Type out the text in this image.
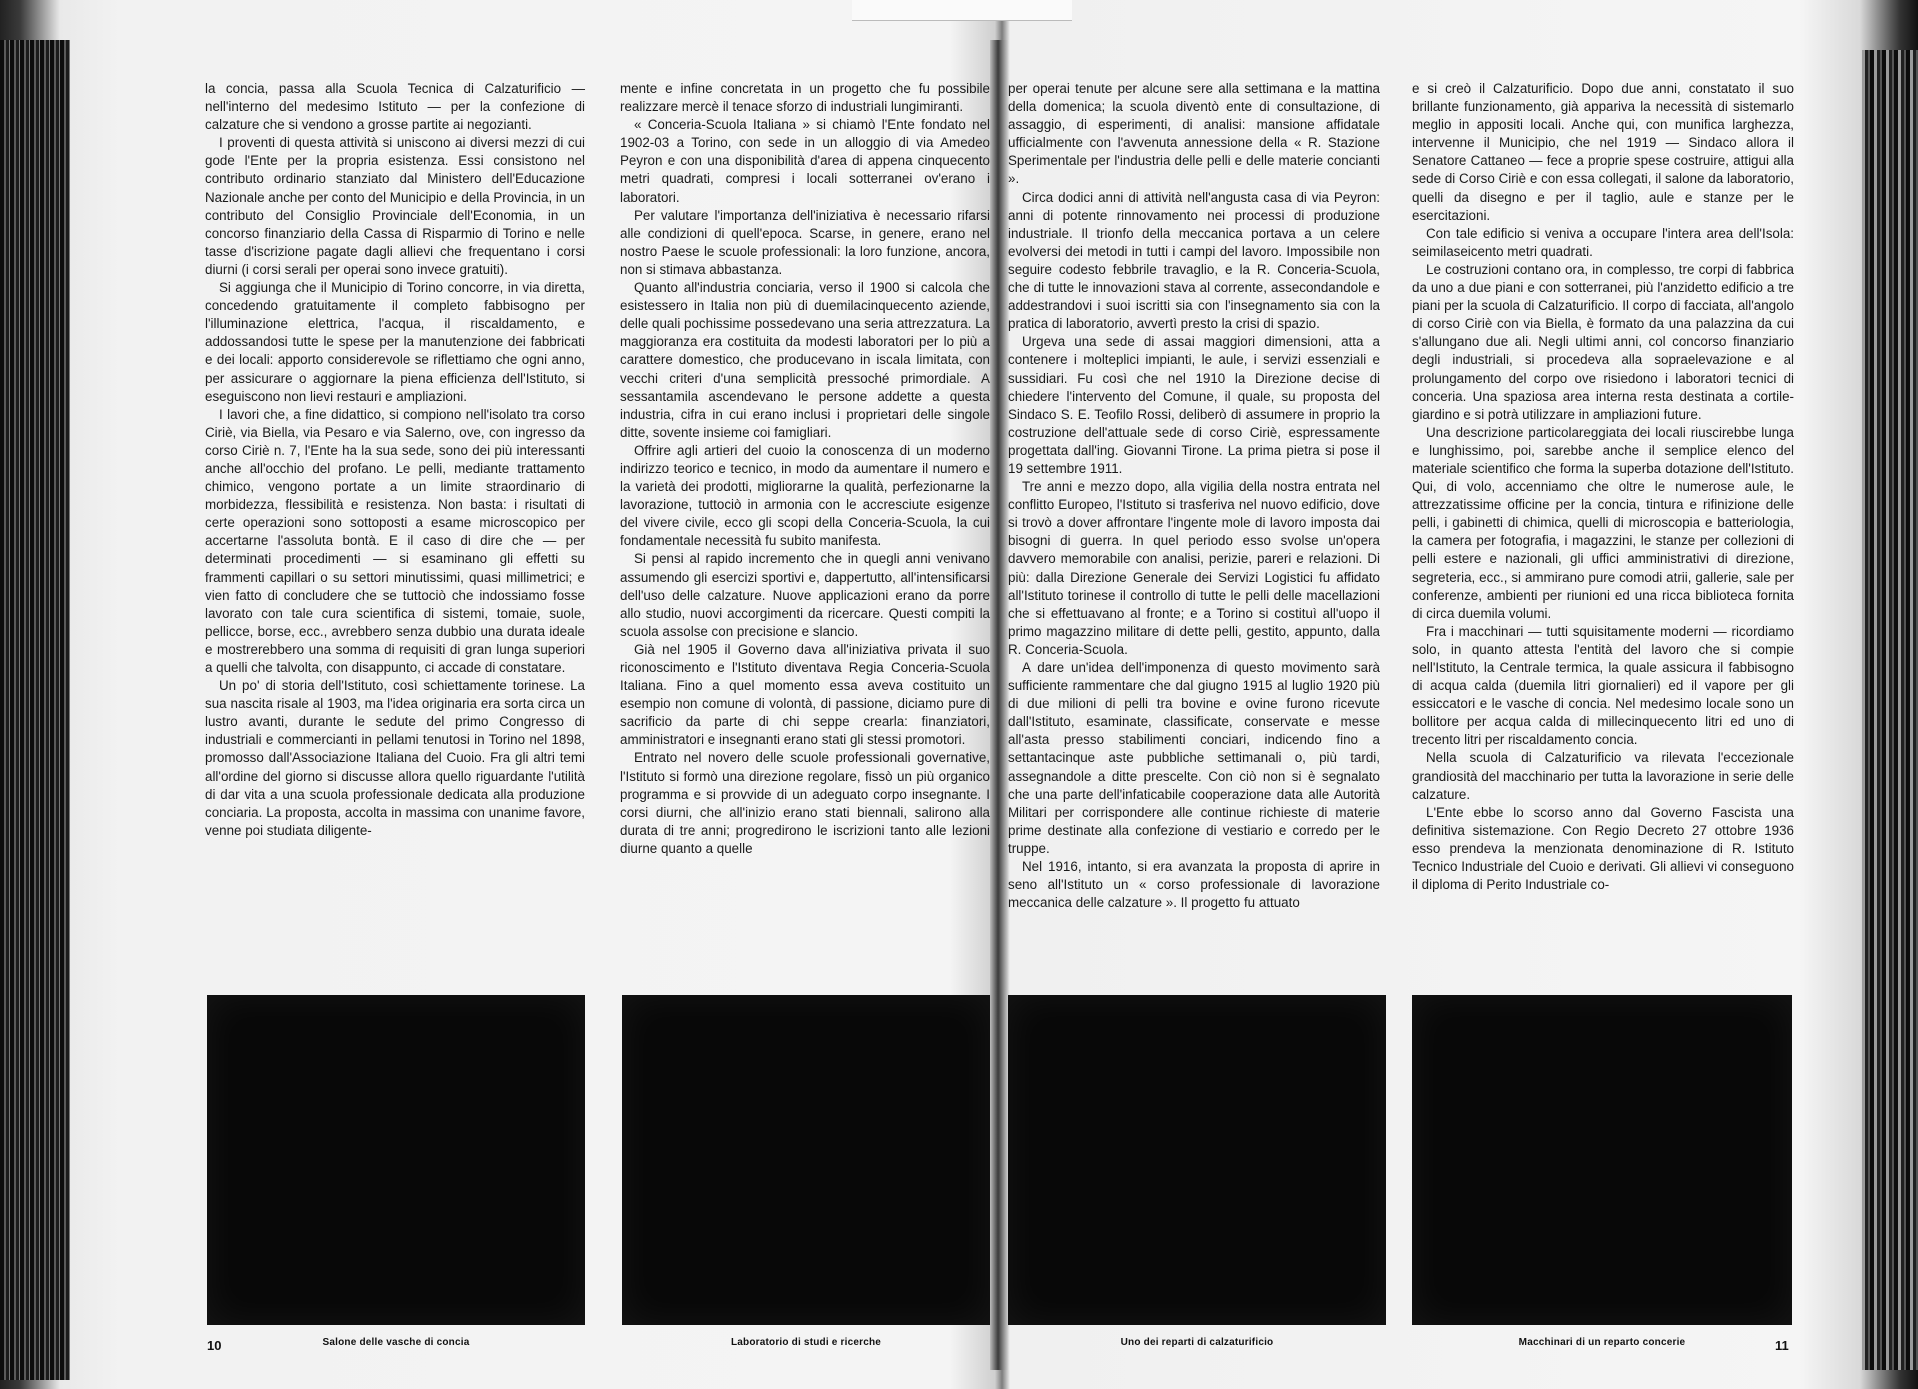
la concia, passa alla Scuola Tecnica di Calzaturificio — nell'interno del medesimo Istituto — per la confezione di calzature che si vendono a grosse partite ai negozianti.

I proventi di questa attività si uniscono ai diversi mezzi di cui gode l'Ente per la propria esistenza. Essi consistono nel contributo ordinario stanziato dal Ministero dell'Educazione Nazionale anche per conto del Municipio e della Provincia, in un contributo del Consiglio Provinciale dell'Economia, in un concorso finanziario della Cassa di Risparmio di Torino e nelle tasse d'iscrizione pagate dagli allievi che frequentano i corsi diurni (i corsi serali per operai sono invece gratuiti).

Si aggiunga che il Municipio di Torino concorre, in via diretta, concedendo gratuitamente il completo fabbisogno per l'illuminazione elettrica, l'acqua, il riscaldamento, e addossandosi tutte le spese per la manutenzione dei fabbricati e dei locali: apporto considerevole se riflettiamo che ogni anno, per assicurare o aggiornare la piena efficienza dell'Istituto, si eseguiscono non lievi restauri e ampliazioni.

I lavori che, a fine didattico, si compiono nell'isolato tra corso Ciriè, via Biella, via Pesaro e via Salerno, ove, con ingresso da corso Ciriè n. 7, l'Ente ha la sua sede, sono dei più interessanti anche all'occhio del profano. Le pelli, mediante trattamento chimico, vengono portate a un limite straordinario di morbidezza, flessibilità e resistenza. Non basta: i risultati di certe operazioni sono sottoposti a esame microscopico per accertarne l'assoluta bontà. E il caso di dire che — per determinati procedimenti — si esaminano gli effetti su frammenti capillari o su settori minutissimi, quasi millimetrici; e vien fatto di concludere che se tuttociò che indossiamo fosse lavorato con tale cura scientifica di sistemi, tomaie, suole, pellicce, borse, ecc., avrebbero senza dubbio una durata ideale e mostrerebbero una somma di requisiti di gran lunga superiori a quelli che talvolta, con disappunto, ci accade di constatare.

Un po' di storia dell'Istituto, così schiettamente torinese. La sua nascita risale al 1903, ma l'idea originaria era sorta circa un lustro avanti, durante le sedute del primo Congresso di industriali e commercianti in pellami tenutosi in Torino nel 1898, promosso dall'Associazione Italiana del Cuoio. Fra gli altri temi all'ordine del giorno si discusse allora quello riguardante l'utilità di dar vita a una scuola professionale dedicata alla produzione conciaria. La proposta, accolta in massima con unanime favore, venne poi studiata diligente-

mente e infine concretata in un progetto che fu possibile realizzare mercè il tenace sforzo di industriali lungimiranti.

« Conceria-Scuola Italiana » si chiamò l'Ente fondato nel 1902-03 a Torino, con sede in un alloggio di via Amedeo Peyron e con una disponibilità d'area di appena cinquecento metri quadrati, compresi i locali sotterranei ov'erano i laboratori.

Per valutare l'importanza dell'iniziativa è necessario rifarsi alle condizioni di quell'epoca. Scarse, in genere, erano nel nostro Paese le scuole professionali: la loro funzione, ancora, non si stimava abbastanza.

Quanto all'industria conciaria, verso il 1900 si calcola che esistessero in Italia non più di duemilacinquecento aziende, delle quali pochissime possedevano una seria attrezzatura. La maggioranza era costituita da modesti laboratori per lo più a carattere domestico, che producevano in iscala limitata, con vecchi criteri d'una semplicità pressoché primordiale. A sessantamila ascendevano le persone addette a questa industria, cifra in cui erano inclusi i proprietari delle singole ditte, sovente insieme coi famigliari.

Offrire agli artieri del cuoio la conoscenza di un moderno indirizzo teorico e tecnico, in modo da aumentare il numero e la varietà dei prodotti, migliorarne la qualità, perfezionarne la lavorazione, tuttociò in armonia con le accresciute esigenze del vivere civile, ecco gli scopi della Conceria-Scuola, la cui fondamentale necessità fu subito manifesta.

Si pensi al rapido incremento che in quegli anni venivano assumendo gli esercizi sportivi e, dappertutto, all'intensificarsi dell'uso delle calzature. Nuove applicazioni erano da porre allo studio, nuovi accorgimenti da ricercare. Questi compiti la scuola assolse con precisione e slancio.

Già nel 1905 il Governo dava all'iniziativa privata il suo riconoscimento e l'Istituto diventava Regia Conceria-Scuola Italiana. Fino a quel momento essa aveva costituito un esempio non comune di volontà, di passione, diciamo pure di sacrificio da parte di chi seppe crearla: finanziatori, amministratori e insegnanti erano stati gli stessi promotori.

Entrato nel novero delle scuole professionali governative, l'Istituto si formò una direzione regolare, fissò un più organico programma e si provvide di un adeguato corpo insegnante. I corsi diurni, che all'inizio erano stati biennali, salirono alla durata di tre anni; progredirono le iscrizioni tanto alle lezioni diurne quanto a quelle

per operai tenute per alcune sere alla settimana e la mattina della domenica; la scuola diventò ente di consultazione, di assaggio, di esperimenti, di analisi: mansione affidatale ufficialmente con l'avvenuta annessione della « R. Stazione Sperimentale per l'industria delle pelli e delle materie concianti ».

Circa dodici anni di attività nell'angusta casa di via Peyron: anni di potente rinnovamento nei processi di produzione industriale. Il trionfo della meccanica portava a un celere evolversi dei metodi in tutti i campi del lavoro. Impossibile non seguire codesto febbrile travaglio, e la R. Conceria-Scuola, che di tutte le innovazioni stava al corrente, assecondandole e addestrandovi i suoi iscritti sia con l'insegnamento sia con la pratica di laboratorio, avvertì presto la crisi di spazio.

Urgeva una sede di assai maggiori dimensioni, atta a contenere i molteplici impianti, le aule, i servizi essenziali e sussidiari. Fu così che nel 1910 la Direzione decise di chiedere l'intervento del Comune, il quale, su proposta del Sindaco S. E. Teofilo Rossi, deliberò di assumere in proprio la costruzione dell'attuale sede di corso Ciriè, espressamente progettata dall'ing. Giovanni Tirone. La prima pietra si pose il 19 settembre 1911.

Tre anni e mezzo dopo, alla vigilia della nostra entrata nel conflitto Europeo, l'Istituto si trasferiva nel nuovo edificio, dove si trovò a dover affrontare l'ingente mole di lavoro imposta dai bisogni di guerra. In quel periodo esso svolse un'opera davvero memorabile con analisi, perizie, pareri e relazioni. Di più: dalla Direzione Generale dei Servizi Logistici fu affidato all'Istituto torinese il controllo di tutte le pelli delle macellazioni che si effettuavano al fronte; e a Torino si costituì all'uopo il primo magazzino militare di dette pelli, gestito, appunto, dalla R. Conceria-Scuola.

A dare un'idea dell'imponenza di questo movimento sarà sufficiente rammentare che dal giugno 1915 al luglio 1920 più di due milioni di pelli tra bovine e ovine furono ricevute dall'Istituto, esaminate, classificate, conservate e messe all'asta presso stabilimenti conciari, indicendo fino a settantacinque aste pubbliche settimanali o, più tardi, assegnandole a ditte prescelte. Con ciò non si è segnalato che una parte dell'infaticabile cooperazione data alle Autorità Militari per corrispondere alle continue richieste di materie prime destinate alla confezione di vestiario e corredo per le truppe.

Nel 1916, intanto, si era avanzata la proposta di aprire in seno all'Istituto un « corso professionale di lavorazione meccanica delle calzature ». Il progetto fu attuato

e si creò il Calzaturificio. Dopo due anni, constatato il suo brillante funzionamento, già appariva la necessità di sistemarlo meglio in appositi locali. Anche qui, con munifica larghezza, intervenne il Municipio, che nel 1919 — Sindaco allora il Senatore Cattaneo — fece a proprie spese costruire, attigui alla sede di Corso Ciriè e con essa collegati, il salone da laboratorio, quelli da disegno e per il taglio, aule e stanze per le esercitazioni.

Con tale edificio si veniva a occupare l'intera area dell'Isola: seimilaseicento metri quadrati.

Le costruzioni contano ora, in complesso, tre corpi di fabbrica da uno a due piani e con sotterranei, più l'anzidetto edificio a tre piani per la scuola di Calzaturificio. Il corpo di facciata, all'angolo di corso Ciriè con via Biella, è formato da una palazzina da cui s'allungano due ali. Negli ultimi anni, col concorso finanziario degli industriali, si procedeva alla sopraelevazione e al prolungamento del corpo ove risiedono i laboratori tecnici di conceria. Una spaziosa area interna resta destinata a cortile-giardino e si potrà utilizzare in ampliazioni future.

Una descrizione particolareggiata dei locali riuscirebbe lunga e lunghissimo, poi, sarebbe anche il semplice elenco del materiale scientifico che forma la superba dotazione dell'Istituto. Qui, di volo, accenniamo che oltre le numerose aule, le attrezzatissime officine per la concia, tintura e rifinizione delle pelli, i gabinetti di chimica, quelli di microscopia e batteriologia, la camera per fotografia, i magazzini, le stanze per collezioni di pelli estere e nazionali, gli uffici amministrativi di direzione, segreteria, ecc., si ammirano pure comodi atrii, gallerie, sale per conferenze, ambienti per riunioni ed una ricca biblioteca fornita di circa duemila volumi.

Fra i macchinari — tutti squisitamente moderni — ricordiamo solo, in quanto attesta l'entità del lavoro che si compie nell'Istituto, la Centrale termica, la quale assicura il fabbisogno di acqua calda (duemila litri giornalieri) ed il vapore per gli essiccatori e le vasche di concia. Nel medesimo locale sono un bollitore per acqua calda di millecinquecento litri ed uno di trecento litri per riscaldamento concia.

Nella scuola di Calzaturificio va rilevata l'eccezionale grandiosità del macchinario per tutta la lavorazione in serie delle calzature.

L'Ente ebbe lo scorso anno dal Governo Fascista una definitiva sistemazione. Con Regio Decreto 27 ottobre 1936 esso prendeva la menzionata denominazione di R. Istituto Tecnico Industriale del Cuoio e derivati. Gli allievi vi conseguono il diploma di Perito Industriale co-

Salone delle vasche di concia	Laboratorio di studi e ricerche	Uno dei reparti di calzaturificio	Macchinari di un reparto concerie
10	11
